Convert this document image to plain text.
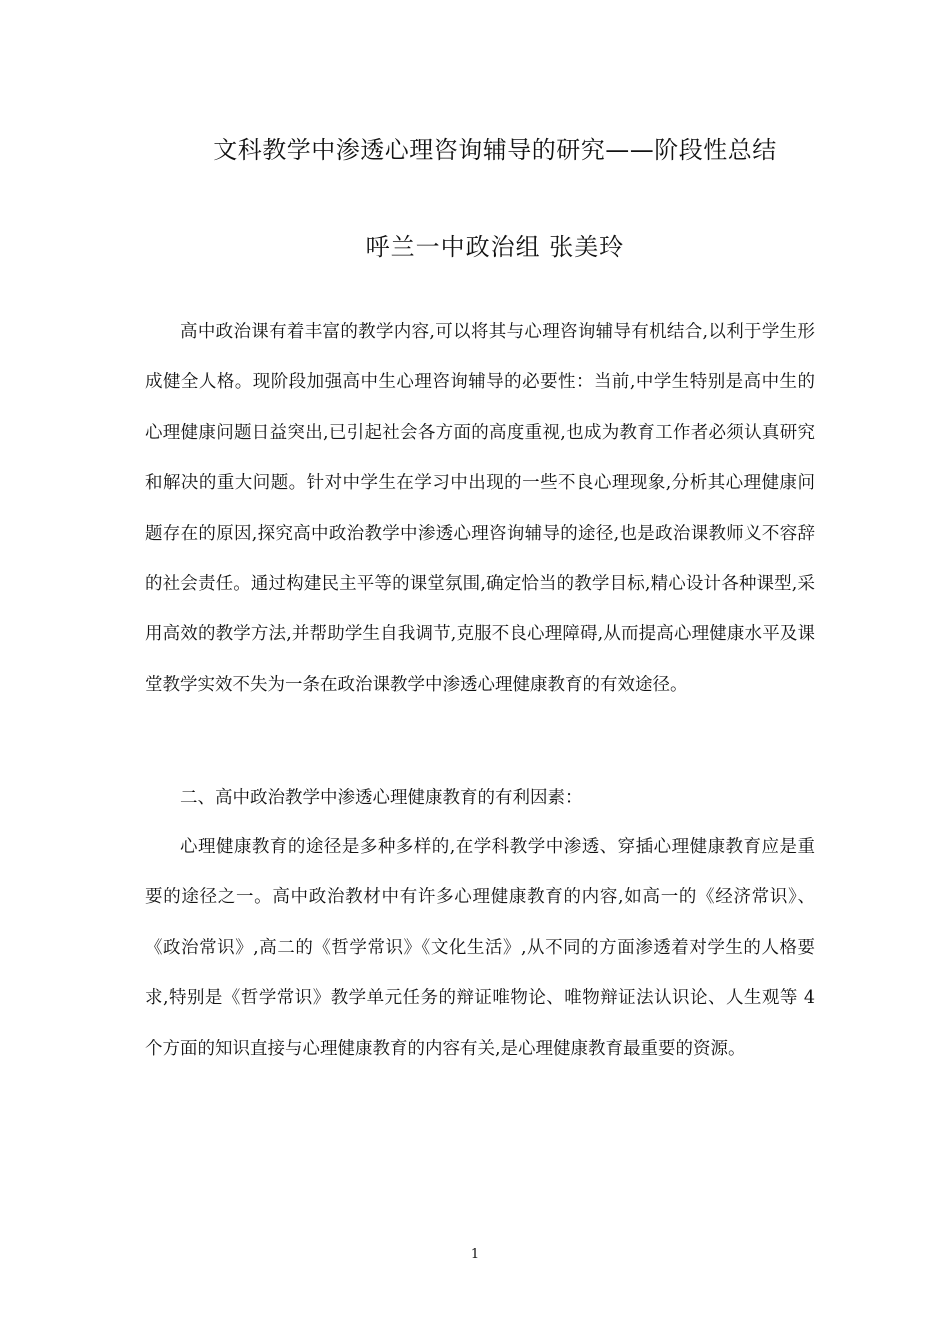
文科教学中渗透心理咨询辅导的研究——阶段性总结
呼兰一中政治组 张美玲

高中政治课有着丰富的教学内容,可以将其与心理咨询辅导有机结合,以利于学生形成健全人格。现阶段加强高中生心理咨询辅导的必要性：当前,中学生特别是高中生的心理健康问题日益突出,已引起社会各方面的高度重视,也成为教育工作者必须认真研究和解决的重大问题。针对中学生在学习中出现的一些不良心理现象,分析其心理健康问题存在的原因,探究高中政治教学中渗透心理咨询辅导的途径,也是政治课教师义不容辞的社会责任。通过构建民主平等的课堂氛围,确定恰当的教学目标,精心设计各种课型,采用高效的教学方法,并帮助学生自我调节,克服不良心理障碍,从而提高心理健康水平及课堂教学实效不失为一条在政治课教学中渗透心理健康教育的有效途径。

二、高中政治教学中渗透心理健康教育的有利因素：

心理健康教育的途径是多种多样的,在学科教学中渗透、穿插心理健康教育应是重要的途径之一。高中政治教材中有许多心理健康教育的内容,如高一的《经济常识》、《政治常识》,高二的《哲学常识》《文化生活》,从不同的方面渗透着对学生的人格要求,特别是《哲学常识》教学单元任务的辩证唯物论、唯物辩证法认识论、人生观等 4 个方面的知识直接与心理健康教育的内容有关,是心理健康教育最重要的资源。

1
